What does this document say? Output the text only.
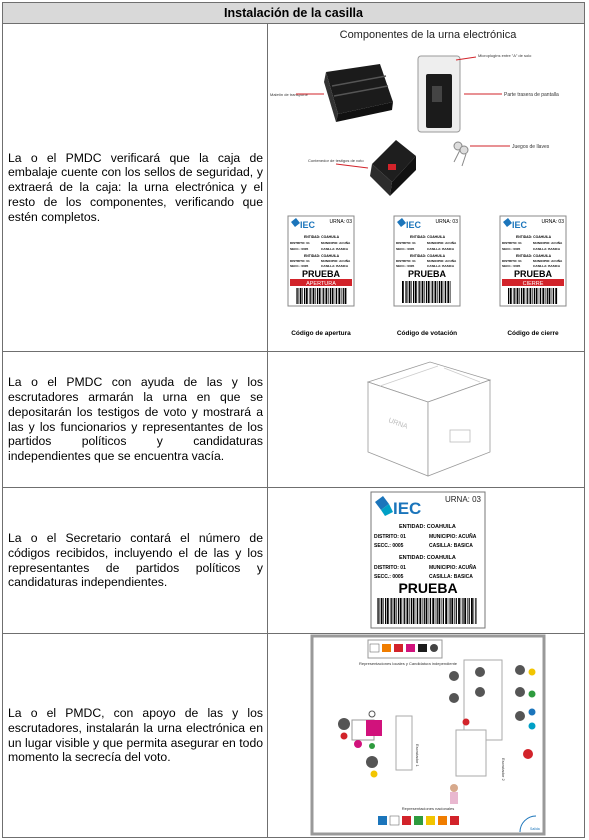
Instalación de la casilla

La o el PMDC verificará que la caja de embalaje cuente con los sellos de seguridad, y extraerá de la caja: la urna electrónica y el resto de los componentes, verificando que estén completos.

Componentes de la urna electrónica
Maletín de transporte
Microplugins entre "A" de solo
Parte trasera de pantalla
Contenedor de testigos de voto
Juegos de llaves
IEC	URNA: 03
ENTIDAD: COAHUILA
DISTRITO: 01	MUNICIPIO: ACUÑA
SECC.: 0005	CASILLA: BASICA
ENTIDAD: COAHUILA
DISTRITO: 01	MUNICIPIO: ACUÑA
SECC.: 0005	CASILLA: BASICA
PRUEBA
APERTURA
Código de apertura
IEC	URNA: 03
ENTIDAD: COAHUILA
DISTRITO: 01	MUNICIPIO: ACUÑA
SECC.: 0005	CASILLA: BASICA
ENTIDAD: COAHUILA
DISTRITO: 01	MUNICIPIO: ACUÑA
SECC.: 0005	CASILLA: BASICA
PRUEBA
Código de votación
IEC	URNA: 03
ENTIDAD: COAHUILA
DISTRITO: 01	MUNICIPIO: ACUÑA
SECC.: 0005	CASILLA: BASICA
ENTIDAD: COAHUILA
DISTRITO: 01	MUNICIPIO: ACUÑA
SECC.: 0005	CASILLA: BASICA
PRUEBA
CIERRE
Código de cierre

La o el PMDC con ayuda de las y los escrutadores armarán la urna en que se depositarán los testigos de voto y mostrará a las y los funcionarios y representantes de los partidos políticos y candidaturas independientes que se encuentra vacía.

URNA

La o el Secretario contará el número de códigos recibidos, incluyendo el de las y los representantes de partidos políticos y candidaturas independientes.

IEC	URNA: 03
ENTIDAD: COAHUILA
DISTRITO: 01	MUNICIPIO: ACUÑA
SECC.: 0005	CASILLA: BASICA
ENTIDAD: COAHUILA
DISTRITO: 01	MUNICIPIO: ACUÑA
SECC.: 0005	CASILLA: BASICA
PRUEBA

La o el PMDC, con apoyo de las y los escrutadores, instalarán la urna electrónica en un lugar visible y que permita asegurar en todo momento la secrecía del voto.

Representaciones locales y Candidatura independiente
Escrutador 2
Escrutador 1
Representaciones nacionales
Salida
